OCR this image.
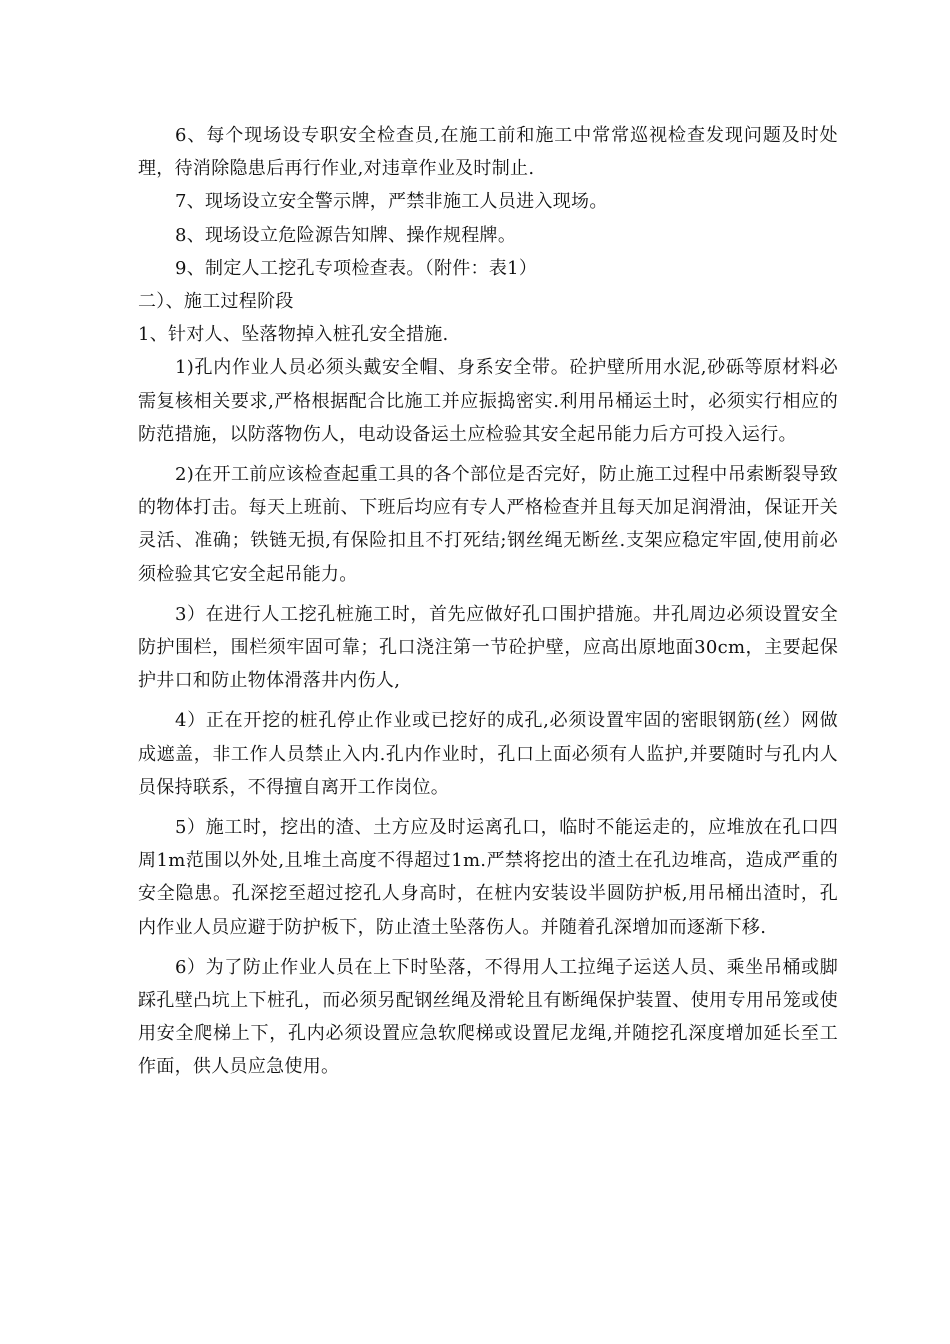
6、每个现场设专职安全检查员,在施工前和施工中常常巡视检查发现问题及时处理，待消除隐患后再行作业,对违章作业及时制止.

7、现场设立安全警示牌，严禁非施工人员进入现场。

8、现场设立危险源告知牌、操作规程牌。

9、制定人工挖孔专项检查表。（附件：表1）

二）、施工过程阶段

1、针对人、坠落物掉入桩孔安全措施.

1)孔内作业人员必须头戴安全帽、身系安全带。砼护壁所用水泥,砂砾等原材料必需复核相关要求,严格根据配合比施工并应振捣密实.利用吊桶运土时，必须实行相应的防范措施，以防落物伤人，电动设备运土应检验其安全起吊能力后方可投入运行。

2)在开工前应该检查起重工具的各个部位是否完好，防止施工过程中吊索断裂导致的物体打击。每天上班前、下班后均应有专人严格检查并且每天加足润滑油，保证开关灵活、准确；铁链无损,有保险扣且不打死结;钢丝绳无断丝.支架应稳定牢固,使用前必须检验其它安全起吊能力。

3）在进行人工挖孔桩施工时，首先应做好孔口围护措施。井孔周边必须设置安全防护围栏，围栏须牢固可靠；孔口浇注第一节砼护壁，应高出原地面30cm，主要起保护井口和防止物体滑落井内伤人,

4）正在开挖的桩孔停止作业或已挖好的成孔,必须设置牢固的密眼钢筋(丝）网做成遮盖，非工作人员禁止入内.孔内作业时，孔口上面必须有人监护,并要随时与孔内人员保持联系，不得擅自离开工作岗位。

5）施工时，挖出的渣、土方应及时运离孔口，临时不能运走的，应堆放在孔口四周1m范围以外处,且堆土高度不得超过1m.严禁将挖出的渣土在孔边堆高，造成严重的安全隐患。孔深挖至超过挖孔人身高时，在桩内安装设半圆防护板,用吊桶出渣时，孔内作业人员应避于防护板下，防止渣土坠落伤人。并随着孔深增加而逐渐下移.

6）为了防止作业人员在上下时坠落，不得用人工拉绳子运送人员、乘坐吊桶或脚踩孔壁凸坑上下桩孔，而必须另配钢丝绳及滑轮且有断绳保护装置、使用专用吊笼或使用安全爬梯上下，孔内必须设置应急软爬梯或设置尼龙绳,并随挖孔深度增加延长至工作面，供人员应急使用。
